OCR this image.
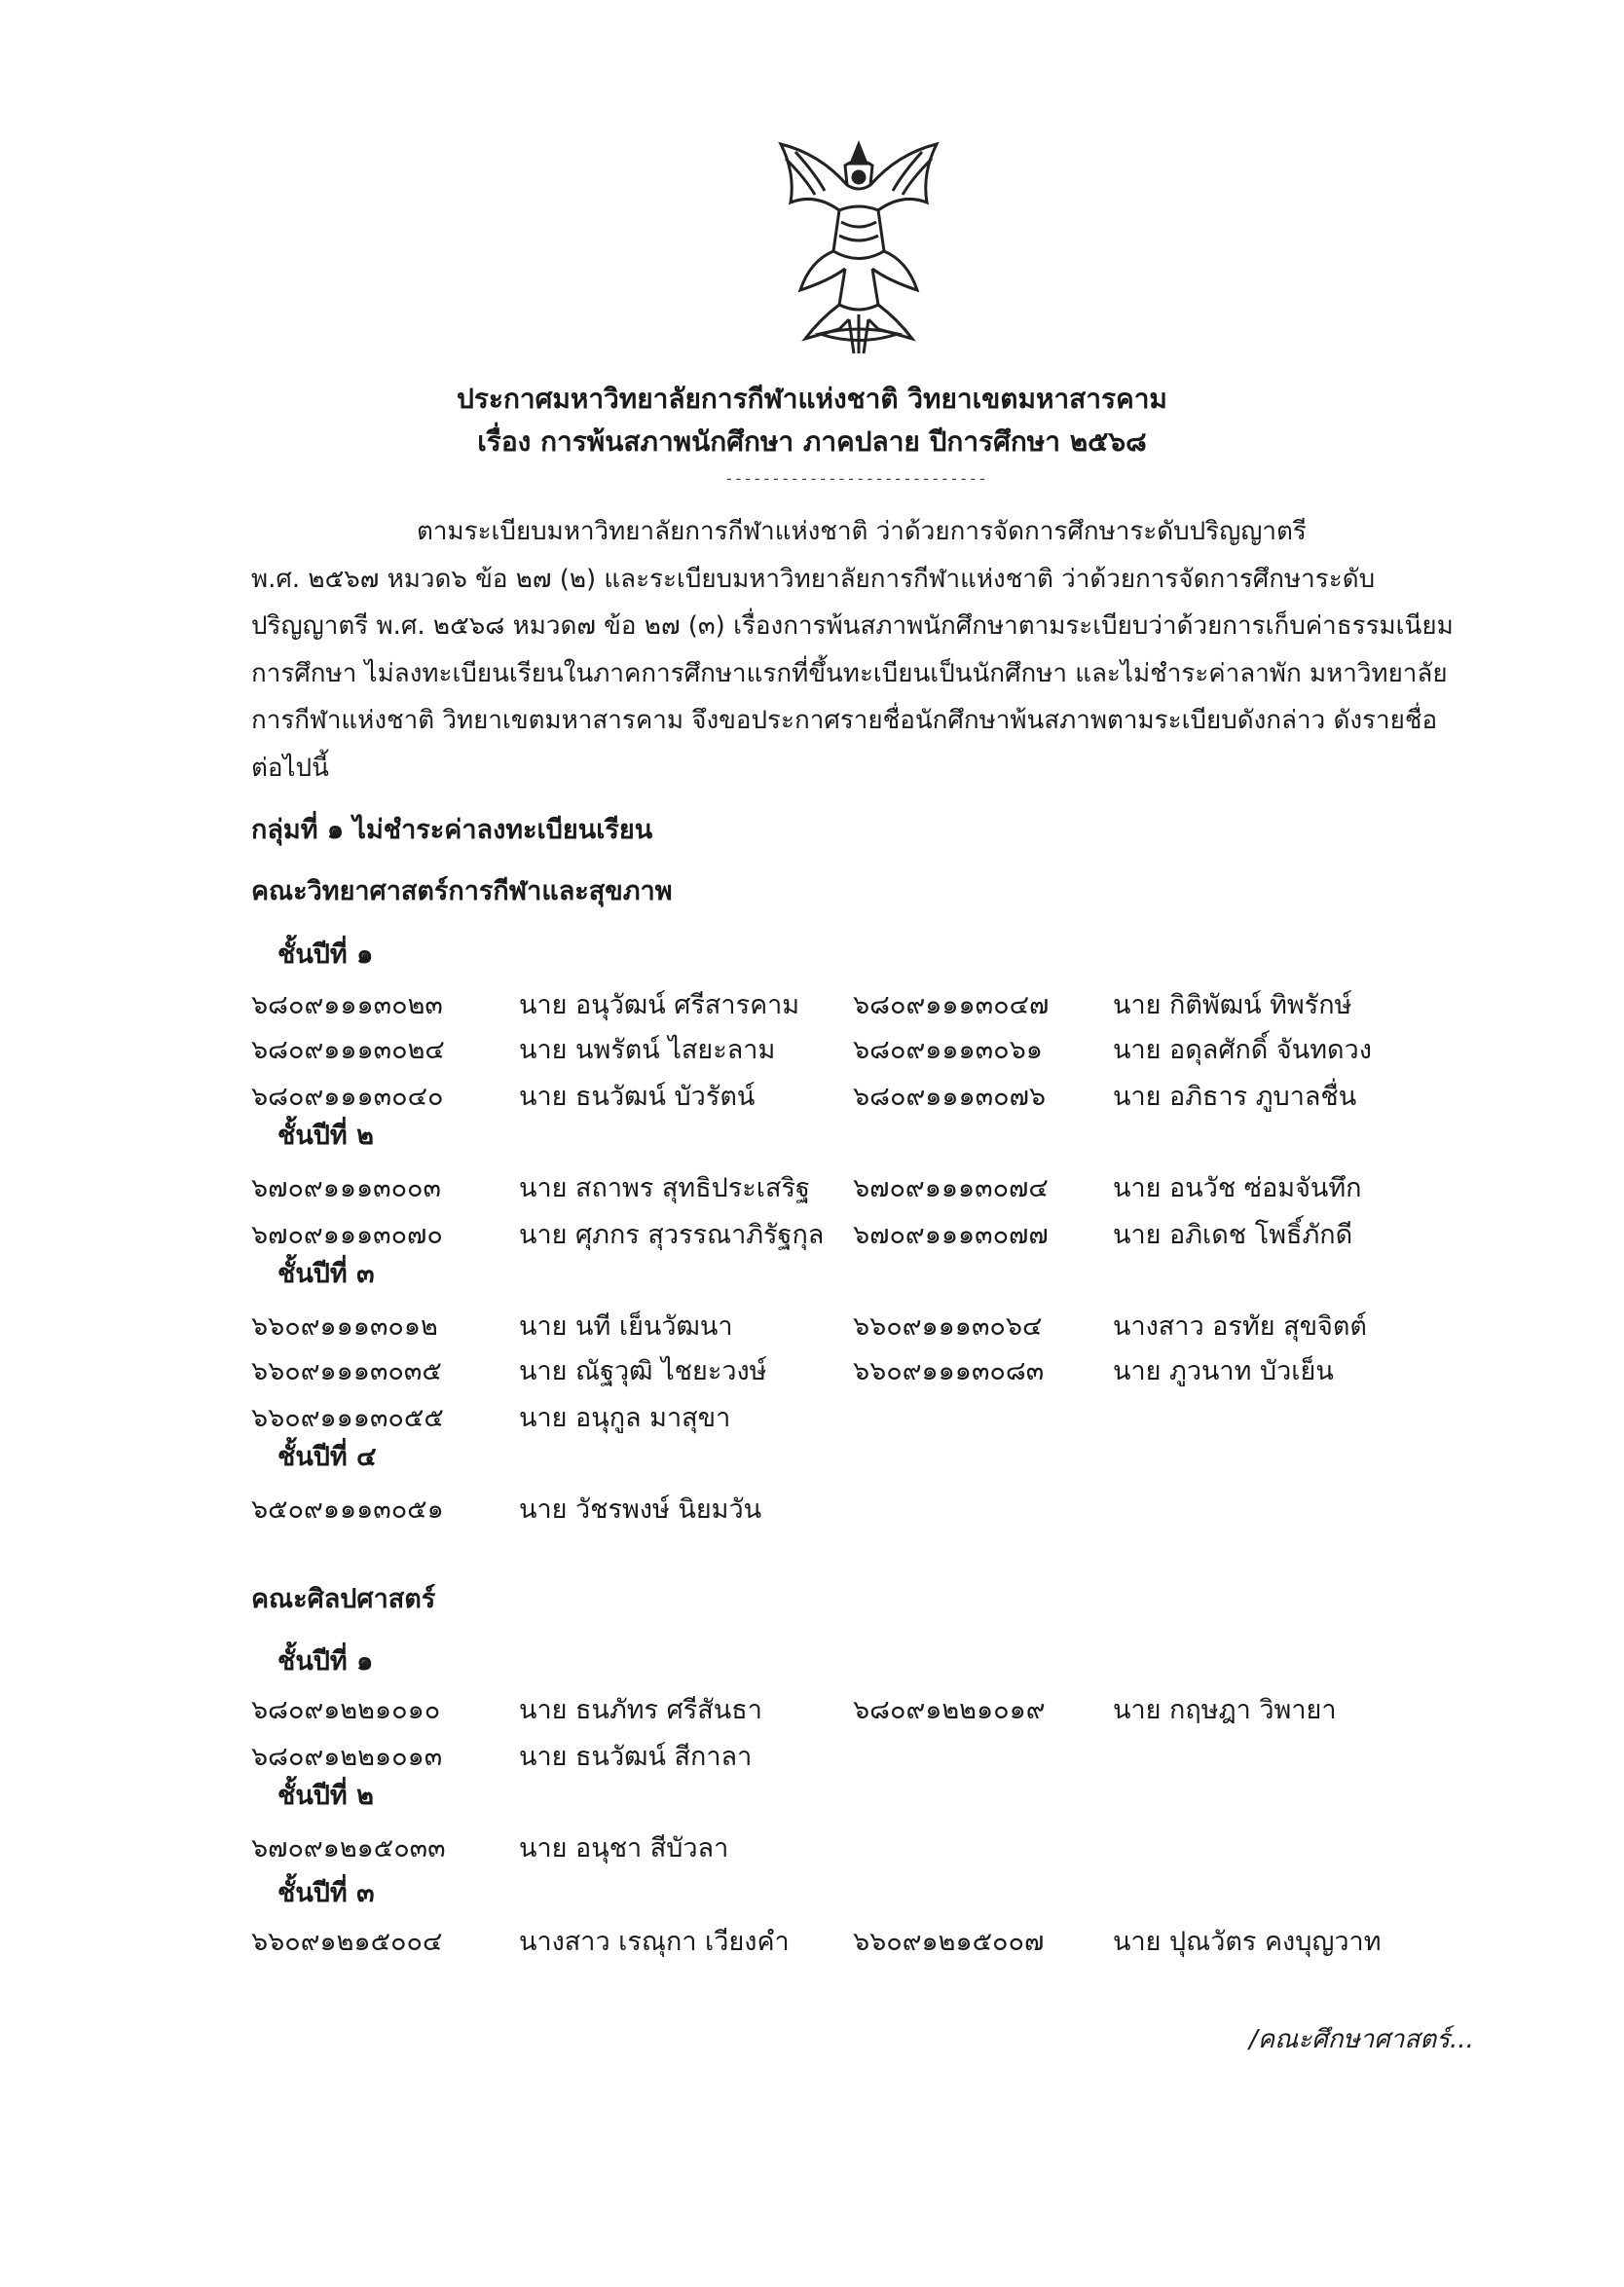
ประกาศมหาวิทยาลัยการกีฬาแห่งชาติ วิทยาเขตมหาสารคาม
เรื่อง การพ้นสภาพนักศึกษา ภาคปลาย ปีการศึกษา ๒๕๖๘
----------------------------
ตามระเบียบมหาวิทยาลัยการกีฬาแห่งชาติ ว่าด้วยการจัดการศึกษาระดับปริญญาตรี
พ.ศ. ๒๕๖๗ หมวด๖ ข้อ ๒๗ (๒) และระเบียบมหาวิทยาลัยการกีฬาแห่งชาติ ว่าด้วยการจัดการศึกษาระดับ
ปริญญาตรี พ.ศ. ๒๕๖๘ หมวด๗ ข้อ ๒๗ (๓) เรื่องการพ้นสภาพนักศึกษาตามระเบียบว่าด้วยการเก็บค่าธรรมเนียม
การศึกษา ไม่ลงทะเบียนเรียนในภาคการศึกษาแรกที่ขึ้นทะเบียนเป็นนักศึกษา และไม่ชำระค่าลาพัก มหาวิทยาลัย
การกีฬาแห่งชาติ วิทยาเขตมหาสารคาม จึงขอประกาศรายชื่อนักศึกษาพ้นสภาพตามระเบียบดังกล่าว ดังรายชื่อ
ต่อไปนี้
กลุ่มที่ ๑ ไม่ชำระค่าลงทะเบียนเรียน
คณะวิทยาศาสตร์การกีฬาและสุขภาพ
ชั้นปีที่ ๑
๖๘๐๙๑๑๑๓๐๒๓	นาย อนุวัฒน์ ศรีสารคาม ๖๘๐๙๑๑๑๓๐๔๗ นาย กิติพัฒน์ ทิพรักษ์
๖๘๐๙๑๑๑๓๐๒๔	นาย นพรัตน์ ไสยะลาม	๖๘๐๙๑๑๑๓๐๖๑	นาย อดุลศักดิ์ จันทดวง
๖๘๐๙๑๑๑๓๐๔๐	นาย ธนวัฒน์ บัวรัตน์	๖๘๐๙๑๑๑๓๐๗๖	นาย อภิธาร ภูบาลชื่น
ชั้นปีที่ ๒
๖๗๐๙๑๑๑๓๐๐๓	นาย สถาพร สุทธิประเสริฐ ๖๗๐๙๑๑๑๓๐๗๔ นาย อนวัช ซ่อมจันทึก
๖๗๐๙๑๑๑๓๐๗๐	นาย ศุภกร สุวรรณาภิรัฐกุล ๖๗๐๙๑๑๑๓๐๗๗ นาย อภิเดช โพธิ์ภักดี
ชั้นปีที่ ๓
๖๖๐๙๑๑๑๓๐๑๒	นาย นที เย็นวัฒนา	๖๖๐๙๑๑๑๓๐๖๔	นางสาว อรทัย สุขจิตต์
๖๖๐๙๑๑๑๓๐๓๕	นาย ณัฐวุฒิ ไชยะวงษ์	๖๖๐๙๑๑๑๓๐๘๓	นาย ภูวนาท บัวเย็น
๖๖๐๙๑๑๑๓๐๕๕	นาย อนุกูล มาสุขา
ชั้นปีที่ ๔
๖๕๐๙๑๑๑๓๐๕๑	นาย วัชรพงษ์ นิยมวัน
คณะศิลปศาสตร์
ชั้นปีที่ ๑
๖๘๐๙๑๒๒๑๐๑๐	นาย ธนภัทร ศรีสันธา	๖๘๐๙๑๒๒๑๐๑๙	นาย กฤษฎา วิพายา
๖๘๐๙๑๒๒๑๐๑๓	นาย ธนวัฒน์ สีกาลา
ชั้นปีที่ ๒
๖๗๐๙๑๒๑๕๐๓๓	นาย อนุชา สีบัวลา
ชั้นปีที่ ๓
๖๖๐๙๑๒๑๕๐๐๔	นางสาว เรณุกา เวียงคำ ๖๖๐๙๑๒๑๕๐๐๗	นาย ปุณวัตร คงบุญวาท
/คณะศึกษาศาสตร์...
